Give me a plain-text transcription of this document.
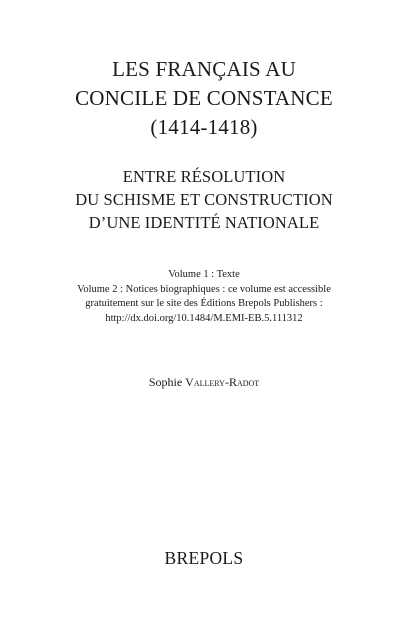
LES FRANÇAIS AU
CONCILE DE CONSTANCE
(1414-1418)
ENTRE RÉSOLUTION
DU SCHISME ET CONSTRUCTION
D’UNE IDENTITÉ NATIONALE
Volume 1 : Texte
Volume 2 : Notices biographiques : ce volume est accessible
gratuitement sur le site des Éditions Brepols Publishers :
http://dx.doi.org/10.1484/M.EMI-EB.5.111312
Sophie Vallery-Radot
BREPOLS
